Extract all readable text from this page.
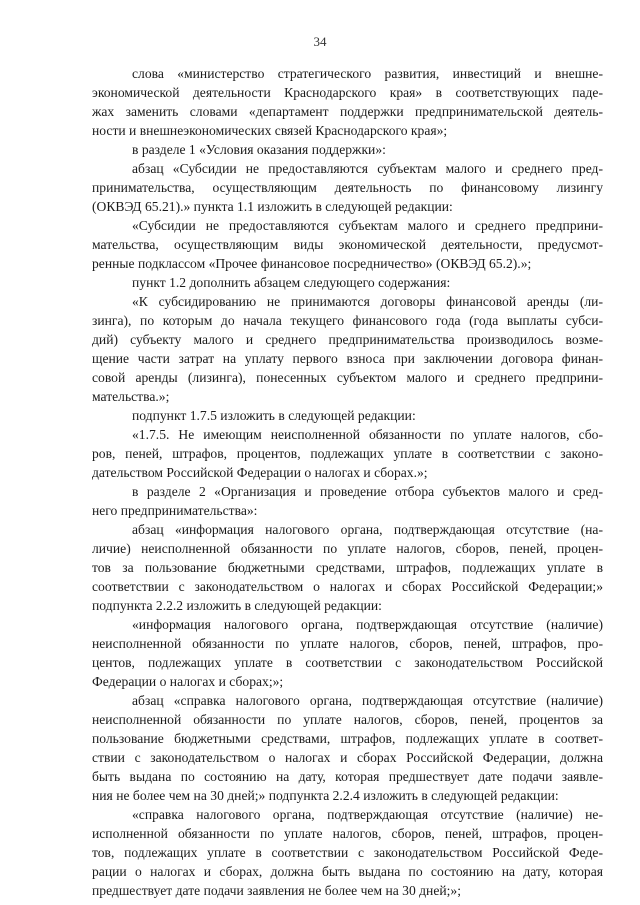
34
слова «министерство стратегического развития, инвестиций и внешне-
экономической деятельности Краснодарского края» в соответствующих паде-
жах заменить словами «департамент поддержки предпринимательской деятель-
ности и внешнеэкономических связей Краснодарского края»;
в разделе 1 «Условия оказания поддержки»:
абзац «Субсидии не предоставляются субъектам малого и среднего пред-
принимательства, осуществляющим деятельность по финансовому лизингу
(ОКВЭД 65.21).» пункта 1.1 изложить в следующей редакции:
«Субсидии не предоставляются субъектам малого и среднего предприни-
мательства, осуществляющим виды экономической деятельности, предусмот-
ренные подклассом «Прочее финансовое посредничество» (ОКВЭД 65.2).»;
пункт 1.2 дополнить абзацем следующего содержания:
«К субсидированию не принимаются договоры финансовой аренды (ли-
зинга), по которым до начала текущего финансового года (года выплаты субси-
дий) субъекту малого и среднего предпринимательства производилось возме-
щение части затрат на уплату первого взноса при заключении договора финан-
совой аренды (лизинга), понесенных субъектом малого и среднего предприни-
мательства.»;
подпункт 1.7.5 изложить в следующей редакции:
«1.7.5. Не имеющим неисполненной обязанности по уплате налогов, сбо-
ров, пеней, штрафов, процентов, подлежащих уплате в соответствии с законо-
дательством Российской Федерации о налогах и сборах.»;
в разделе 2 «Организация и проведение отбора субъектов малого и сред-
него предпринимательства»:
абзац «информация налогового органа, подтверждающая отсутствие (на-
личие) неисполненной обязанности по уплате налогов, сборов, пеней, процен-
тов за пользование бюджетными средствами, штрафов, подлежащих уплате в
соответствии с законодательством о налогах и сборах Российской Федерации;»
подпункта 2.2.2 изложить в следующей редакции:
«информация налогового органа, подтверждающая отсутствие (наличие)
неисполненной обязанности по уплате налогов, сборов, пеней, штрафов, про-
центов, подлежащих уплате в соответствии с законодательством Российской
Федерации о налогах и сборах;»;
абзац «справка налогового органа, подтверждающая отсутствие (наличие)
неисполненной обязанности по уплате налогов, сборов, пеней, процентов за
пользование бюджетными средствами, штрафов, подлежащих уплате в соответ-
ствии с законодательством о налогах и сборах Российской Федерации, должна
быть выдана по состоянию на дату, которая предшествует дате подачи заявле-
ния не более чем на 30 дней;» подпункта 2.2.4 изложить в следующей редакции:
«справка налогового органа, подтверждающая отсутствие (наличие) не-
исполненной обязанности по уплате налогов, сборов, пеней, штрафов, процен-
тов, подлежащих уплате в соответствии с законодательством Российской Феде-
рации о налогах и сборах, должна быть выдана по состоянию на дату, которая
предшествует дате подачи заявления не более чем на 30 дней;»;
